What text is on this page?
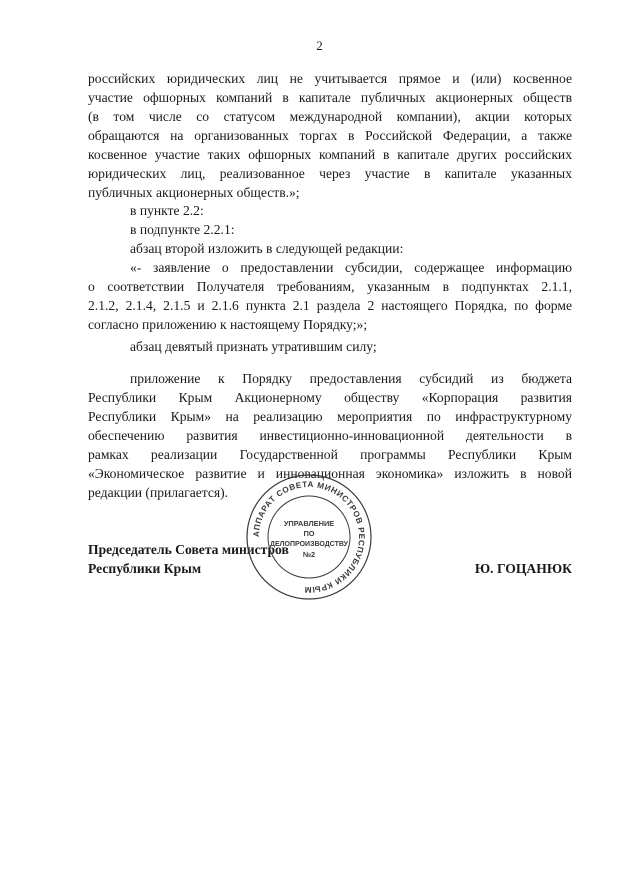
2
российских юридических лиц не учитывается прямое и (или) косвенное
участие офшорных компаний в капитале публичных акционерных обществ
(в том числе со статусом международной компании), акции которых
обращаются на организованных торгах в Российской Федерации, а также
косвенное участие таких офшорных компаний в капитале других российских
юридических лиц, реализованное через участие в капитале указанных
публичных акционерных обществ.»;
в пункте 2.2:
в подпункте 2.2.1:
абзац второй изложить в следующей редакции:
«- заявление о предоставлении субсидии, содержащее информацию
о соответствии Получателя требованиям, указанным в подпунктах 2.1.1,
2.1.2, 2.1.4, 2.1.5 и 2.1.6 пункта 2.1 раздела 2 настоящего Порядка, по форме
согласно приложению к настоящему Порядку;»;
абзац девятый признать утратившим силу;
приложение к Порядку предоставления субсидий из бюджета
Республики Крым Акционерному обществу «Корпорация развития
Республики Крым» на реализацию мероприятия по инфраструктурному
обеспечению развития инвестиционно-инновационной деятельности в
рамках реализации Государственной программы Республики Крым
«Экономическое развитие и инновационная экономика» изложить в новой
редакции (прилагается).
Председатель Совета министров
Республики Крым	Ю. ГОЦАНЮК
АППАРАТ СОВЕТА МИНИСТРОВ РЕСПУБЛИКИ КРЫМ
УПРАВЛЕНИЕ
ПО
ДЕЛОПРОИЗВОДСТВУ
№2
